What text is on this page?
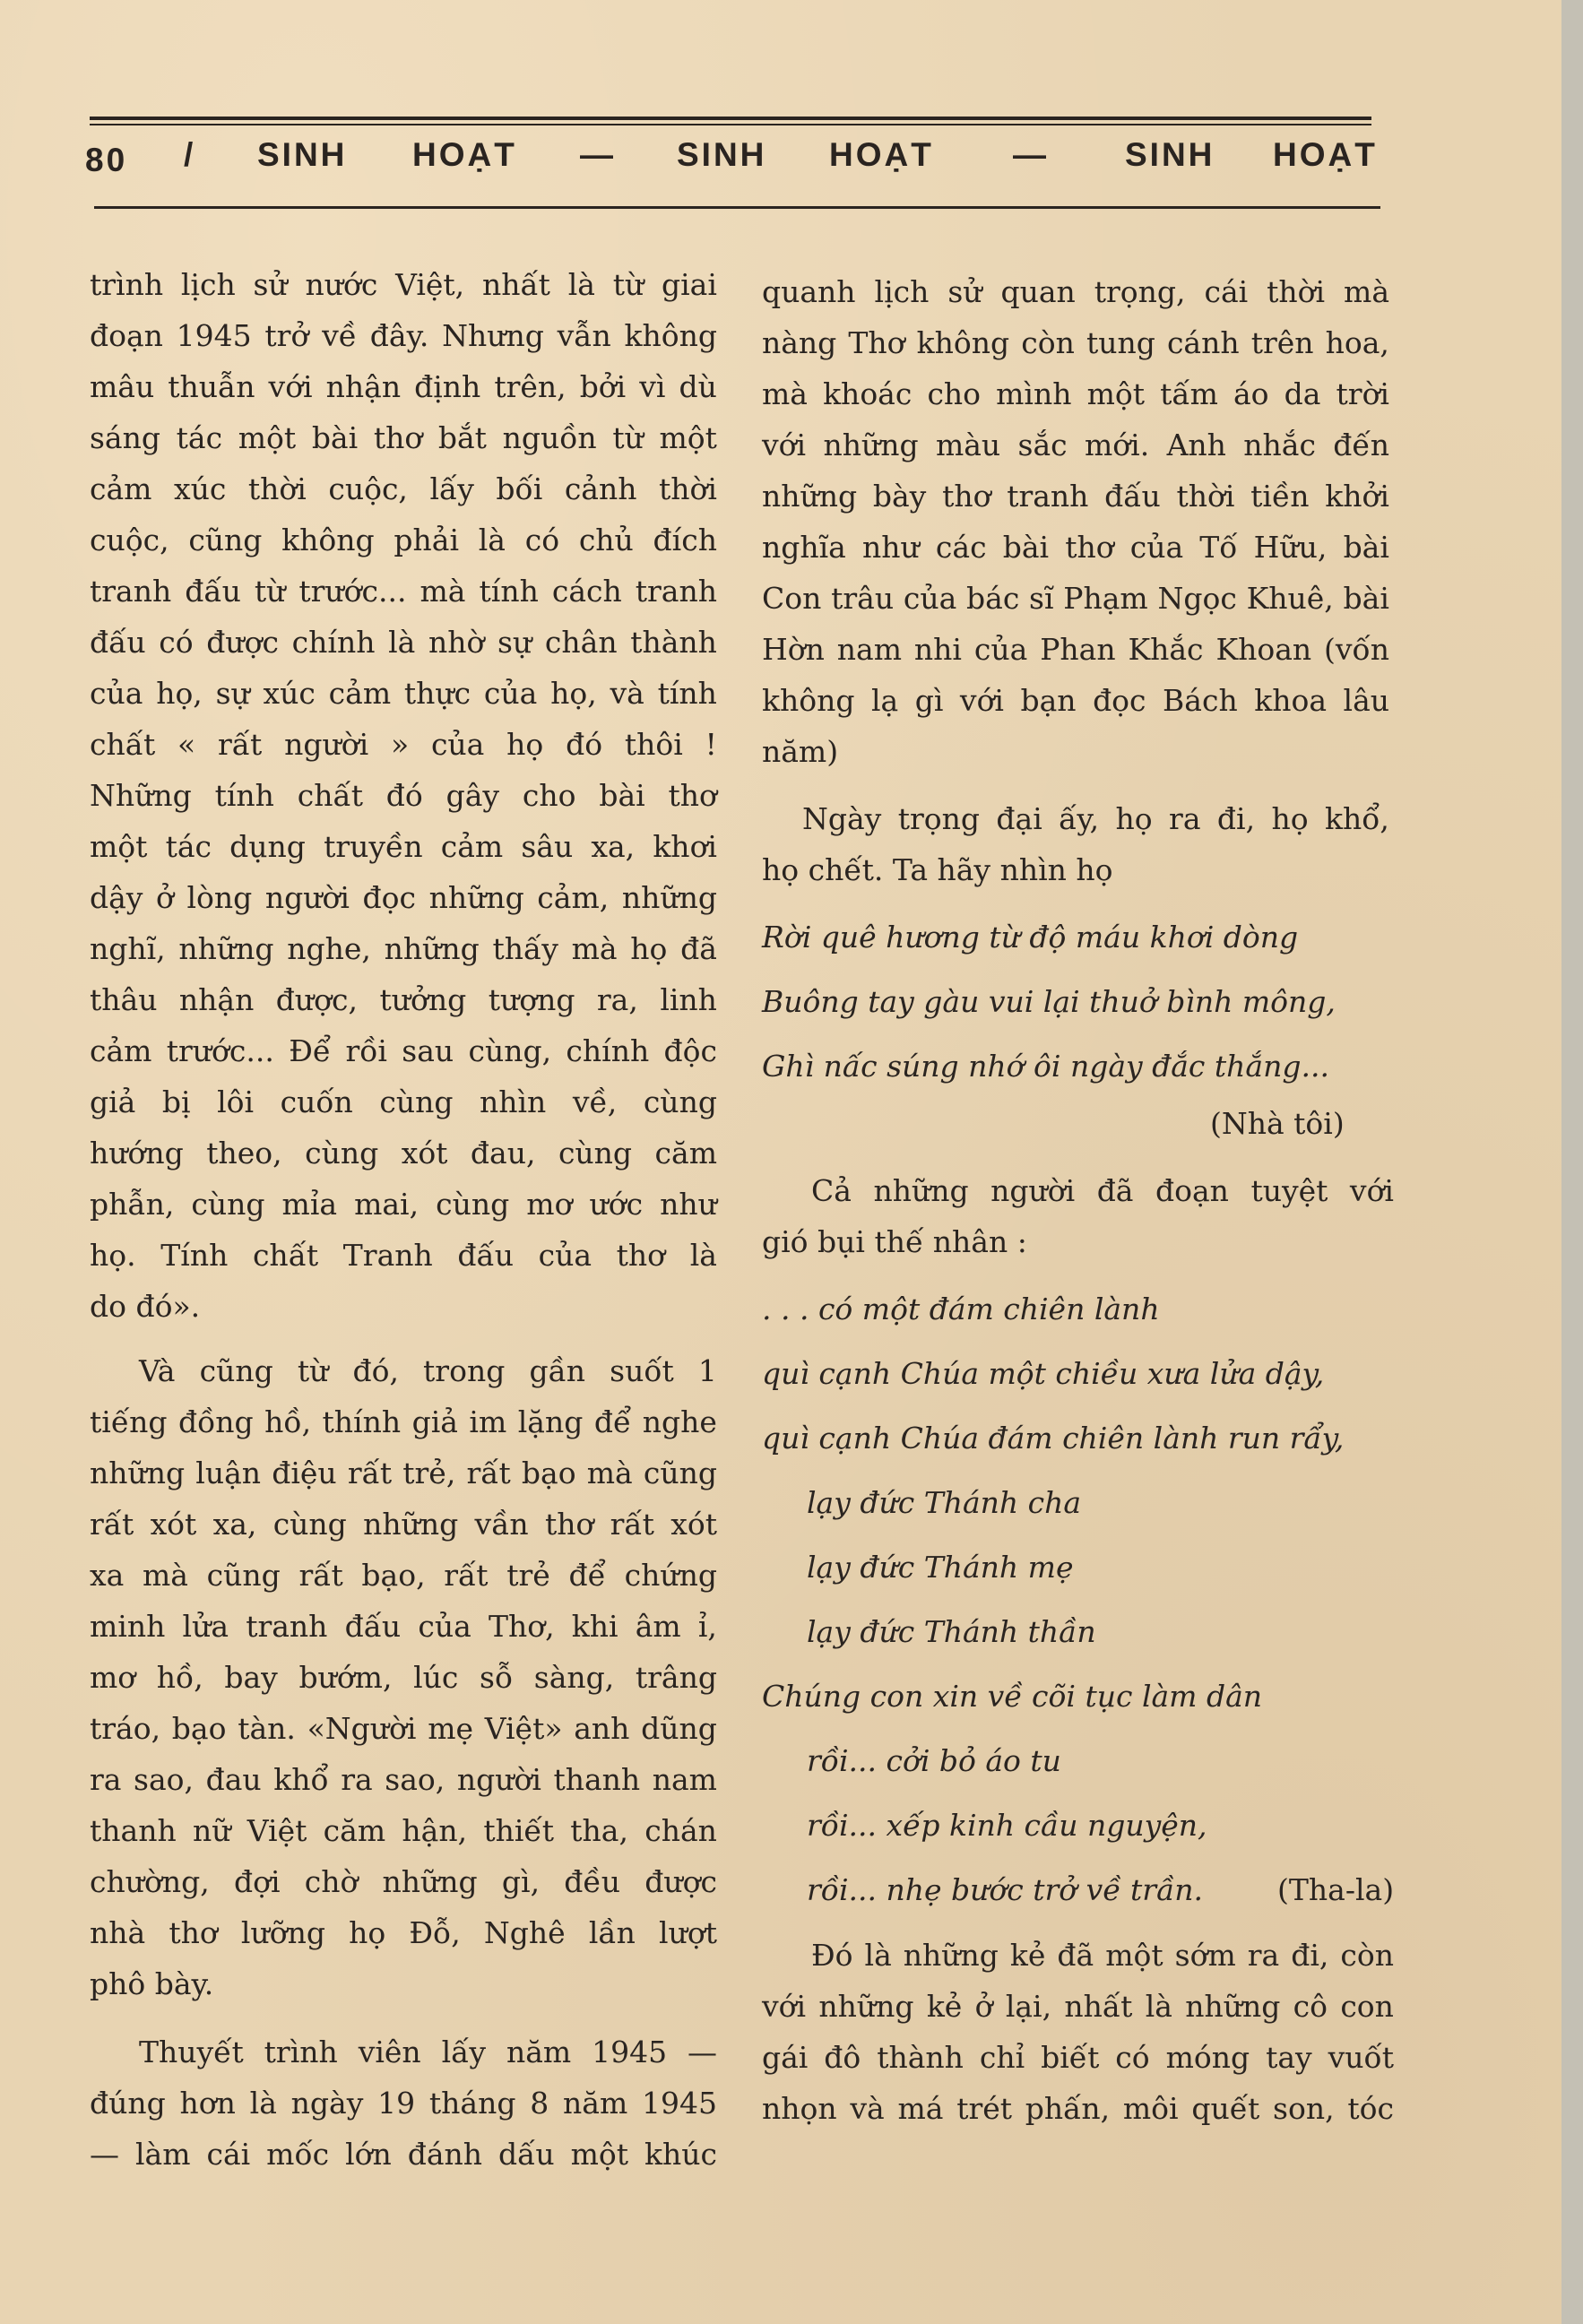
80 / SINH HOẠT — SINH HOẠT — SINH HOẠT
trình lịch sử nước Việt, nhất là từ giai
đoạn 1945 trở về đây. Nhưng vẫn không
mâu thuẫn với nhận định trên, bởi vì dù
sáng tác một bài thơ bắt nguồn từ một
cảm xúc thời cuộc, lấy bối cảnh thời
cuộc, cũng không phải là có chủ đích
tranh đấu từ trước... mà tính cách tranh
đấu có được chính là nhờ sự chân thành
của họ, sự xúc cảm thực của họ, và tính
chất « rất người » của họ đó thôi !
Những tính chất đó gây cho bài thơ
một tác dụng truyền cảm sâu xa, khơi
dậy ở lòng người đọc những cảm, những
nghĩ, những nghe, những thấy mà họ đã
thâu nhận được, tưởng tượng ra, linh
cảm trước... Để rồi sau cùng, chính độc
giả bị lôi cuốn cùng nhìn về, cùng
hướng theo, cùng xót đau, cùng căm
phẫn, cùng mỉa mai, cùng mơ ước như
họ. Tính chất Tranh đấu của thơ là
do đó».
Và cũng từ đó, trong gần suốt 1
tiếng đồng hồ, thính giả im lặng để nghe
những luận điệu rất trẻ, rất bạo mà cũng
rất xót xa, cùng những vần thơ rất xót
xa mà cũng rất bạo, rất trẻ để chứng
minh lửa tranh đấu của Thơ, khi âm ỉ,
mơ hồ, bay bướm, lúc sỗ sàng, trâng
tráo, bạo tàn. «Người mẹ Việt» anh dũng
ra sao, đau khổ ra sao, người thanh nam
thanh nữ Việt căm hận, thiết tha, chán
chường, đợi chờ những gì, đều được
nhà thơ lưỡng họ Đỗ, Nghê lần lượt
phô bày.
Thuyết trình viên lấy năm 1945 —
đúng hơn là ngày 19 tháng 8 năm 1945
— làm cái mốc lớn đánh dấu một khúc
quanh lịch sử quan trọng, cái thời mà
nàng Thơ không còn tung cánh trên hoa,
mà khoác cho mình một tấm áo da trời
với những màu sắc mới. Anh nhắc đến
những bày thơ tranh đấu thời tiền khởi
nghĩa như các bài thơ của Tố Hữu, bài
Con trâu của bác sĩ Phạm Ngọc Khuê, bài
Hờn nam nhi của Phan Khắc Khoan (vốn
không lạ gì với bạn đọc Bách khoa lâu
năm)
Ngày trọng đại ấy, họ ra đi, họ khổ,
họ chết. Ta hãy nhìn họ
Rời quê hương từ độ máu khơi dòng
Buông tay gàu vui lại thuở bình mông,
Ghì nấc súng nhớ ôi ngày đắc thắng...
(Nhà tôi)
Cả những người đã đoạn tuyệt với
gió bụi thế nhân :
. . . có một đám chiên lành
quì cạnh Chúa một chiều xưa lửa dậy,
quì cạnh Chúa đám chiên lành run rẩy,
lạy đức Thánh cha
lạy đức Thánh mẹ
lạy đức Thánh thần
Chúng con xin về cõi tục làm dân
rồi... cởi bỏ áo tu
rồi... xếp kinh cầu nguyện,
rồi... nhẹ bước trở về trần.	(Tha-la)
Đó là những kẻ đã một sớm ra đi, còn
với những kẻ ở lại, nhất là những cô con
gái đô thành chỉ biết có móng tay vuốt
nhọn và má trét phấn, môi quết son, tóc
